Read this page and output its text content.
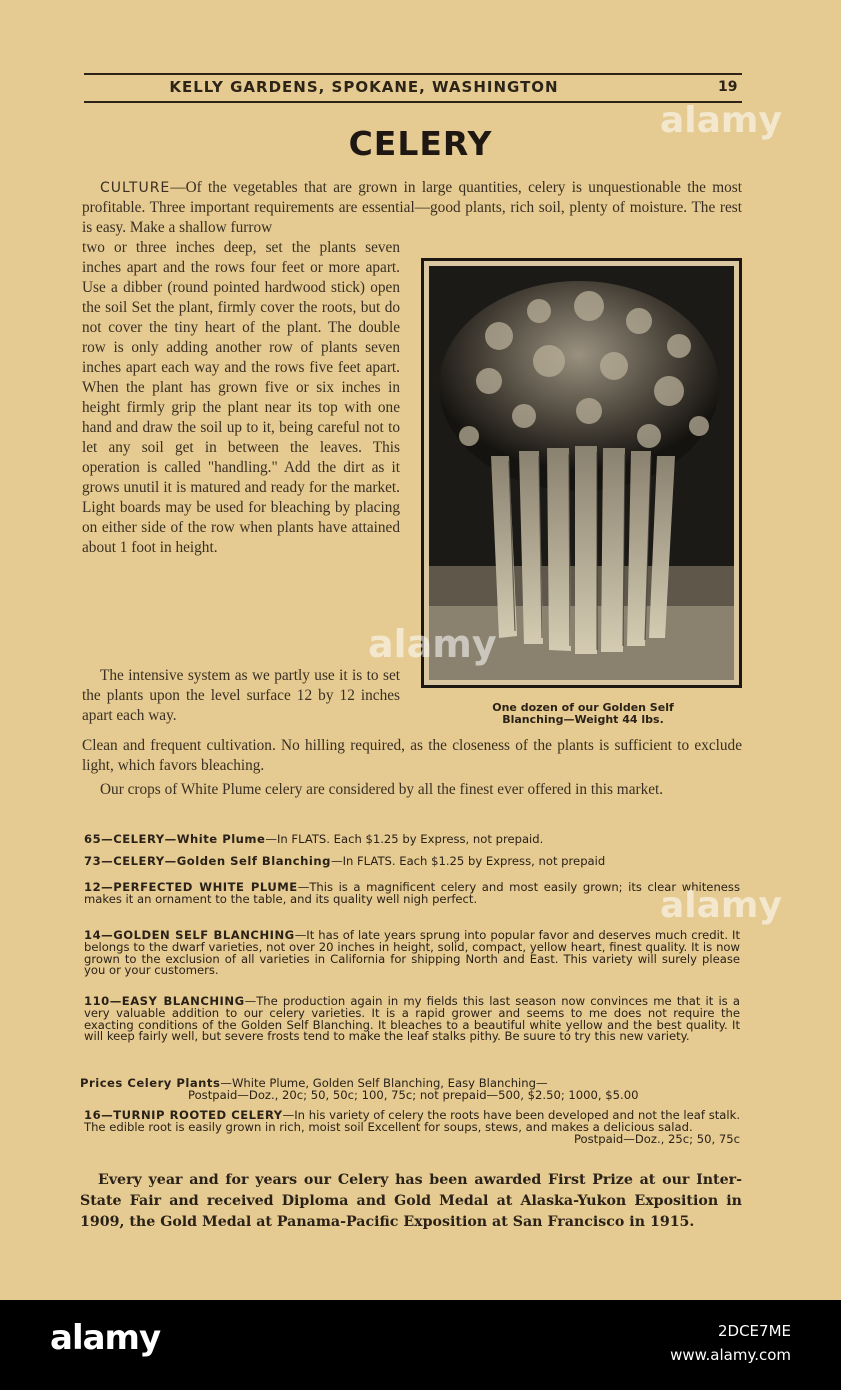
KELLY GARDENS, SPOKANE, WASHINGTON	19
CELERY
CULTURE—Of the vegetables that are grown in large quantities, celery is unquestionable the most profitable. Three important requirements are essential—good plants, rich soil, plenty of moisture. The rest is easy. Make a shallow furrow
two or three inches deep, set the plants seven inches apart and the rows four feet or more apart. Use a dibber (round pointed hardwood stick) open the soil Set the plant, firmly cover the roots, but do not cover the tiny heart of the plant. The double row is only adding another row of plants seven inches apart each way and the rows five feet apart. When the plant has grown five or six inches in height firmly grip the plant near its top with one hand and draw the soil up to it, being careful not to let any soil get in between the leaves. This operation is called "handling." Add the dirt as it grows unutil it is matured and ready for the market. Light boards may be used for bleaching by placing on either side of the row when plants have attained about 1 foot in height.
The intensive system as we partly use it is to set the plants upon the level surface 12 by 12 inches apart each way.	One dozen of our Golden Self
Blanching—Weight 44 lbs.
Clean and frequent cultivation. No hilling required, as the closeness of the plants is sufficient to exclude light, which favors bleaching.
Our crops of White Plume celery are considered by all the finest ever offered in this market.
65—CELERY—White Plume—In FLATS. Each $1.25 by Express, not prepaid.
73—CELERY—Golden Self Blanching—In FLATS. Each $1.25 by Express, not prepaid
12—PERFECTED WHITE PLUME—This is a magnificent celery and most easily grown; its clear whiteness makes it an ornament to the table, and its quality well nigh perfect.
14—GOLDEN SELF BLANCHING—It has of late years sprung into popular favor and deserves much credit. It belongs to the dwarf varieties, not over 20 inches in height, solid, compact, yellow heart, finest quality. It is now grown to the exclusion of all varieties in California for shipping North and East. This variety will surely please you or your customers.
110—EASY BLANCHING—The production again in my fields this last season now convinces me that it is a very valuable addition to our celery varieties. It is a rapid grower and seems to me does not require the exacting conditions of the Golden Self Blanching. It bleaches to a beautiful white yellow and the best quality. It will keep fairly well, but severe frosts tend to make the leaf stalks pithy. Be suure to try this new variety.
Prices Celery Plants—White Plume, Golden Self Blanching, Easy Blanching—
Postpaid—Doz., 20c; 50, 50c; 100, 75c; not prepaid—500, $2.50; 1000, $5.00
16—TURNIP ROOTED CELERY—In his variety of celery the roots have been developed and not the leaf stalk. The edible root is easily grown in rich, moist soil Excellent for soups, stews, and makes a delicious salad.
Postpaid—Doz., 25c; 50, 75c
Every year and for years our Celery has been awarded First Prize at our Inter-State Fair and received Diploma and Gold Medal at Alaska-Yukon Exposition in 1909, the Gold Medal at Panama-Pacific Exposition at San Francisco in 1915.
alamy
alamy
alamy
alamy	2DCE7ME
www.alamy.com
